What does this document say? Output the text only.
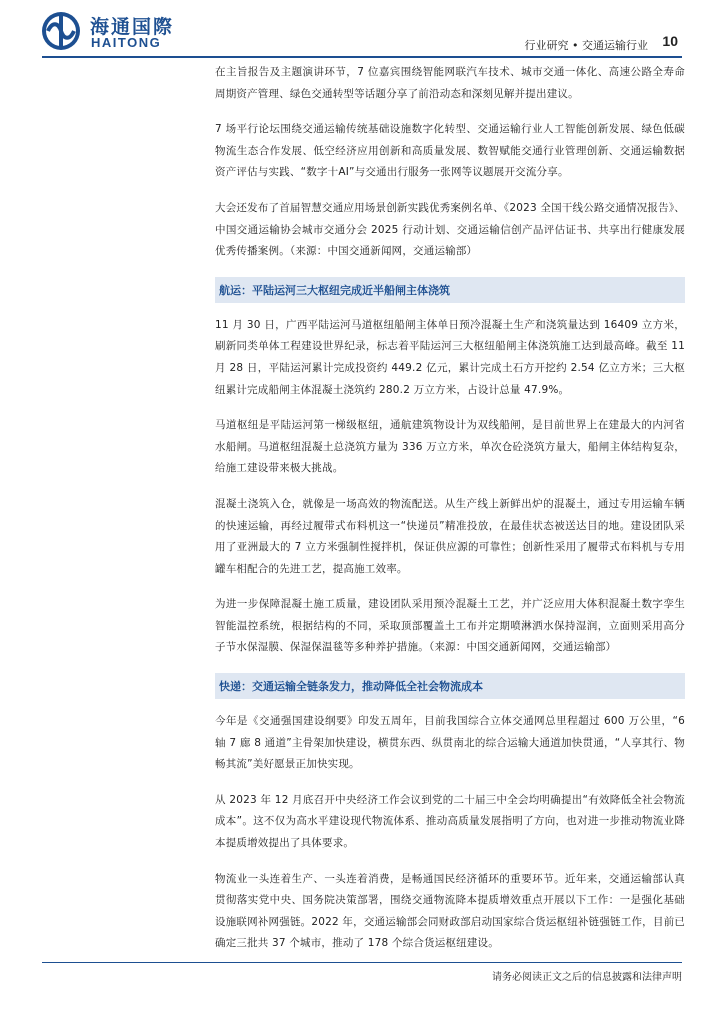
海通国際
HAITONG	行业研究 • 交通运输行业 10

在主旨报告及主题演讲环节，7 位嘉宾围绕智能网联汽车技术、城市交通一体化、高速公路全寿命周期资产管理、绿色交通转型等话题分享了前沿动态和深刻见解并提出建议。

7 场平行论坛围绕交通运输传统基础设施数字化转型、交通运输行业人工智能创新发展、绿色低碳物流生态合作发展、低空经济应用创新和高质量发展、数智赋能交通行业管理创新、交通运输数据资产评估与实践、“数字十AI”与交通出行服务一张网等议题展开交流分享。

大会还发布了首届智慧交通应用场景创新实践优秀案例名单、《2023 全国干线公路交通情况报告》、中国交通运输协会城市交通分会 2025 行动计划、交通运输信创产品评估证书、共享出行健康发展优秀传播案例。（来源：中国交通新闻网，交通运输部）

航运：平陆运河三大枢纽完成近半船闸主体浇筑

11 月 30 日，广西平陆运河马道枢纽船闸主体单日预冷混凝土生产和浇筑量达到 16409 立方米，刷新同类单体工程建设世界纪录，标志着平陆运河三大枢纽船闸主体浇筑施工达到最高峰。截至 11 月 28 日，平陆运河累计完成投资约 449.2 亿元，累计完成土石方开挖约 2.54 亿立方米；三大枢纽累计完成船闸主体混凝土浇筑约 280.2 万立方米，占设计总量 47.9%。

马道枢纽是平陆运河第一梯级枢纽，通航建筑物设计为双线船闸，是目前世界上在建最大的内河省水船闸。马道枢纽混凝土总浇筑方量为 336 万立方米，单次仓砼浇筑方量大，船闸主体结构复杂，给施工建设带来极大挑战。

混凝土浇筑入仓，就像是一场高效的物流配送。从生产线上新鲜出炉的混凝土，通过专用运输车辆的快速运输，再经过履带式布料机这一“快递员”精准投放，在最佳状态被送达目的地。建设团队采用了亚洲最大的 7 立方米强制性搅拌机，保证供应源的可靠性；创新性采用了履带式布料机与专用罐车相配合的先进工艺，提高施工效率。

为进一步保障混凝土施工质量，建设团队采用预冷混凝土工艺，并广泛应用大体积混凝土数字孪生智能温控系统，根据结构的不同，采取顶部覆盖土工布并定期喷淋洒水保持湿润，立面则采用高分子节水保湿膜、保湿保温毯等多种养护措施。（来源：中国交通新闻网，交通运输部）

快递：交通运输全链条发力，推动降低全社会物流成本

今年是《交通强国建设纲要》印发五周年，目前我国综合立体交通网总里程超过 600 万公里，“6 轴 7 廊 8 通道”主骨架加快建设，横贯东西、纵贯南北的综合运输大通道加快贯通，“人享其行、物畅其流”美好愿景正加快实现。

从 2023 年 12 月底召开中央经济工作会议到党的二十届三中全会均明确提出“有效降低全社会物流成本”。这不仅为高水平建设现代物流体系、推动高质量发展指明了方向，也对进一步推动物流业降本提质增效提出了具体要求。

物流业一头连着生产、一头连着消费，是畅通国民经济循环的重要环节。近年来，交通运输部认真贯彻落实党中央、国务院决策部署，围绕交通物流降本提质增效重点开展以下工作：一是强化基础设施联网补网强链。2022 年，交通运输部会同财政部启动国家综合货运枢纽补链强链工作，目前已确定三批共 37 个城市，推动了 178 个综合货运枢纽建设。

请务必阅读正文之后的信息披露和法律声明
